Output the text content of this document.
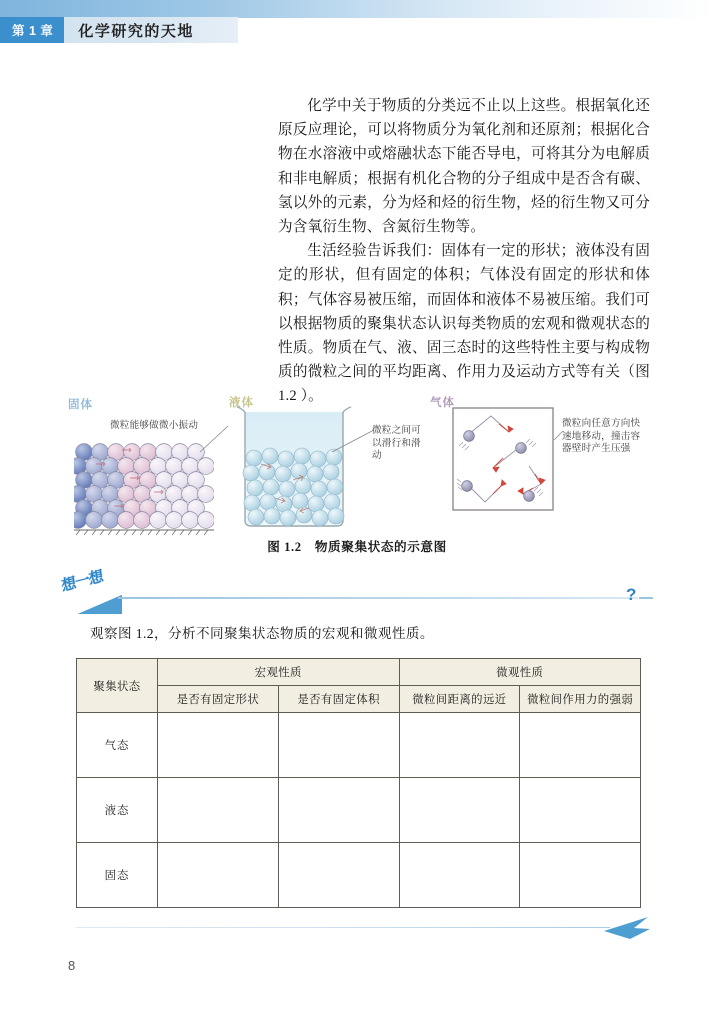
第 1 章	化学研究的天地

化学中关于物质的分类远不止以上这些。根据氧化还原反应理论，可以将物质分为氧化剂和还原剂；根据化合物在水溶液中或熔融状态下能否导电，可将其分为电解质和非电解质；根据有机化合物的分子组成中是否含有碳、氢以外的元素，分为烃和烃的衍生物，烃的衍生物又可分为含氧衍生物、含氮衍生物等。

生活经验告诉我们：固体有一定的形状；液体没有固定的形状，但有固定的体积；气体没有固定的形状和体积；气体容易被压缩，而固体和液体不易被压缩。我们可以根据物质的聚集状态认识每类物质的宏观和微观状态的性质。物质在气、液、固三态时的这些特性主要与构成物质的微粒之间的平均距离、作用力及运动方式等有关（图 1.2 ）。

固体	液体	气体
微粒能够做微小振动	微粒之间可以滑行和滑动
微粒向任意方向快速地移动，撞击容器壁时产生压强
图 1.2　物质聚集状态的示意图
想一想	?
观察图 1.2，分析不同聚集状态物质的宏观和微观性质。
聚集状态	宏观性质		微观性质	
	是否有固定形状	是否有固定体积	微粒间距离的远近	微粒间作用力的强弱
气态				
液态				
固态				
8
